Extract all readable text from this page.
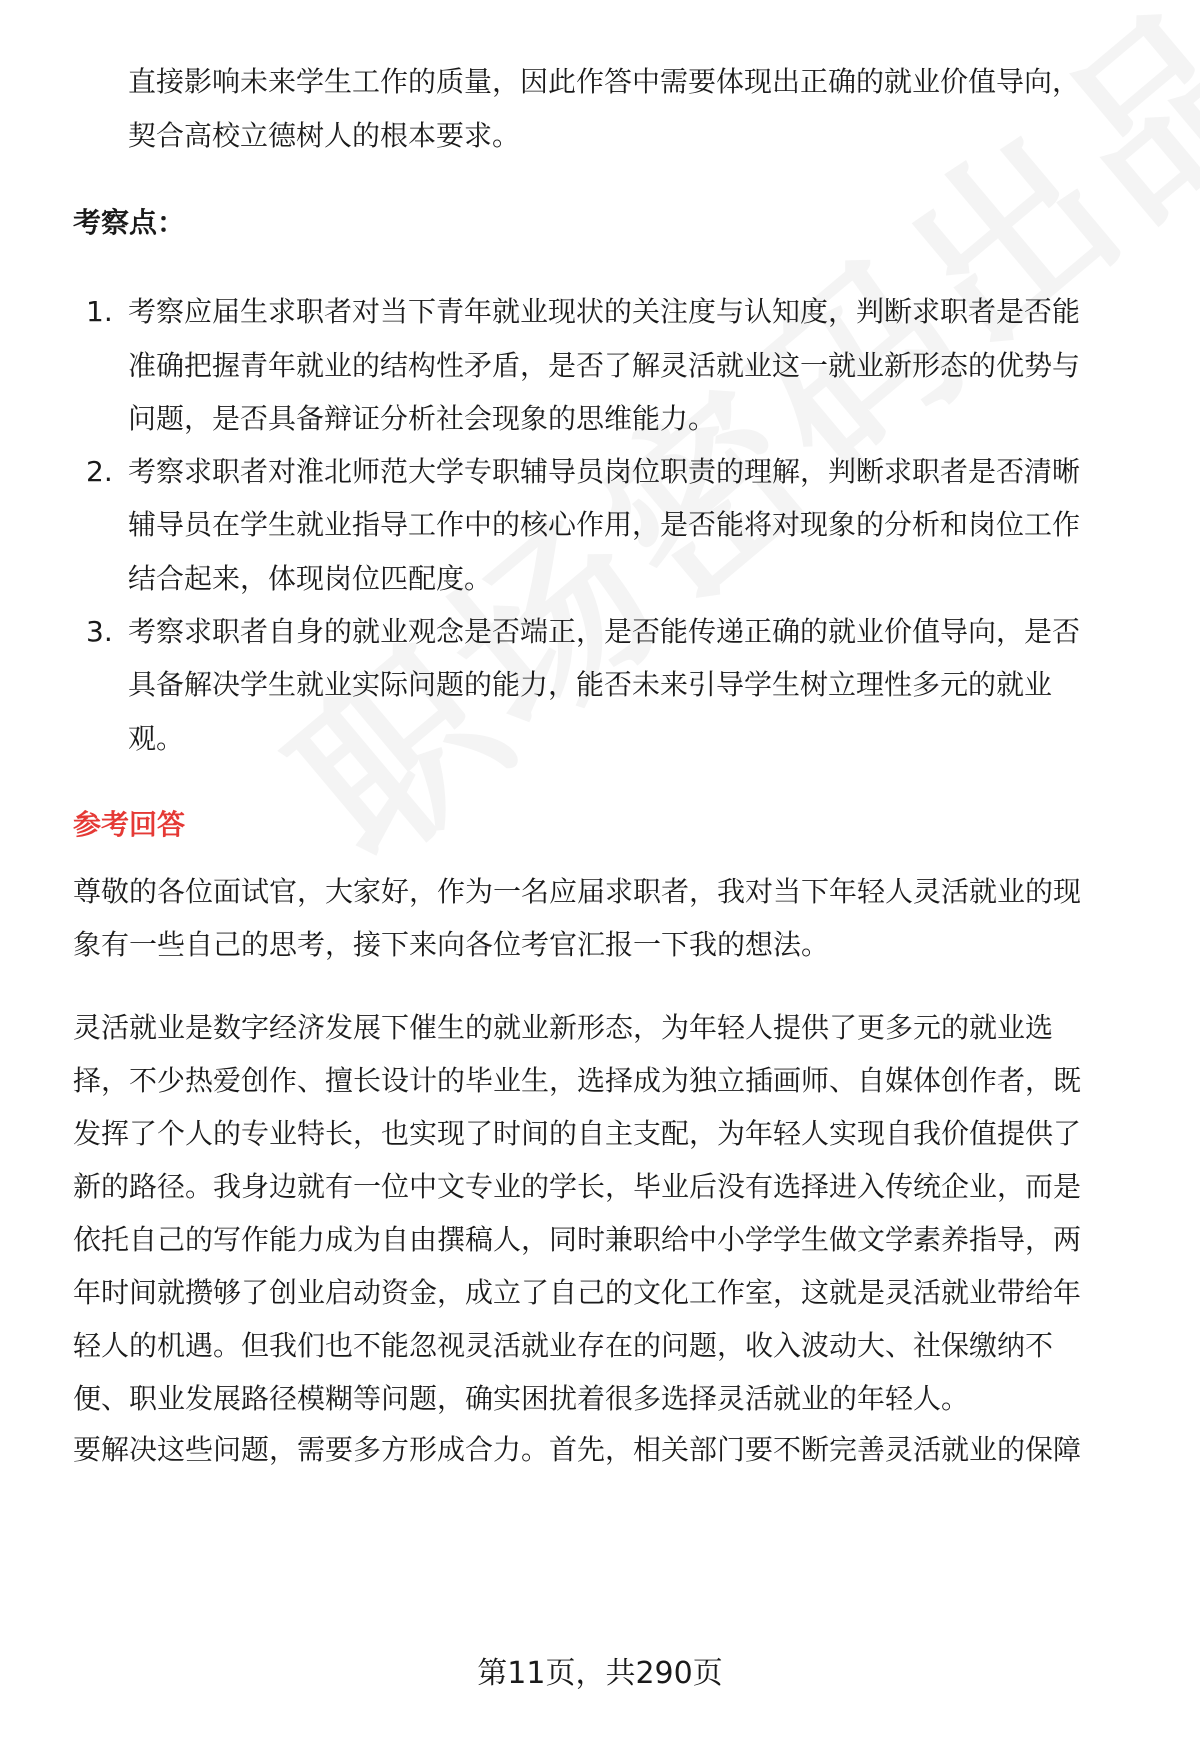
直接影响未来学生工作的质量，因此作答中需要体现出正确的就业价值导向，
契合高校立德树人的根本要求。
考察点：
1. 考察应届生求职者对当下青年就业现状的关注度与认知度，判断求职者是否能
准确把握青年就业的结构性矛盾，是否了解灵活就业这一就业新形态的优势与
问题，是否具备辩证分析社会现象的思维能力。
2. 考察求职者对淮北师范大学专职辅导员岗位职责的理解，判断求职者是否清晰
辅导员在学生就业指导工作中的核心作用，是否能将对现象的分析和岗位工作
结合起来，体现岗位匹配度。
3. 考察求职者自身的就业观念是否端正，是否能传递正确的就业价值导向，是否
具备解决学生就业实际问题的能力，能否未来引导学生树立理性多元的就业
观。
参考回答
尊敬的各位面试官，大家好，作为一名应届求职者，我对当下年轻人灵活就业的现
象有一些自己的思考，接下来向各位考官汇报一下我的想法。
灵活就业是数字经济发展下催生的就业新形态，为年轻人提供了更多元的就业选
择，不少热爱创作、擅长设计的毕业生，选择成为独立插画师、自媒体创作者，既
发挥了个人的专业特长，也实现了时间的自主支配，为年轻人实现自我价值提供了
新的路径。我身边就有一位中文专业的学长，毕业后没有选择进入传统企业，而是
依托自己的写作能力成为自由撰稿人，同时兼职给中小学学生做文学素养指导，两
年时间就攒够了创业启动资金，成立了自己的文化工作室，这就是灵活就业带给年
轻人的机遇。但我们也不能忽视灵活就业存在的问题，收入波动大、社保缴纳不
便、职业发展路径模糊等问题，确实困扰着很多选择灵活就业的年轻人。
要解决这些问题，需要多方形成合力。首先，相关部门要不断完善灵活就业的保障
第11页，共290页
